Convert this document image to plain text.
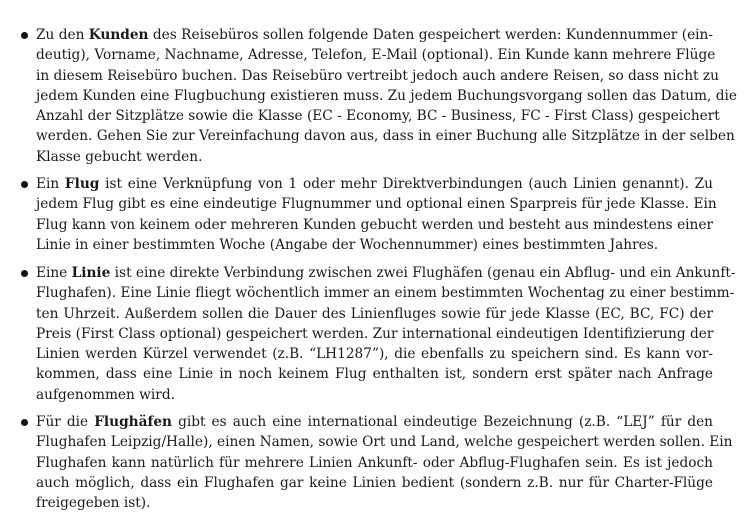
Zu den Kunden des Reisebüros sollen folgende Daten gespeichert werden: Kundennummer (ein-
deutig), Vorname, Nachname, Adresse, Telefon, E-Mail (optional). Ein Kunde kann mehrere Flüge
in diesem Reisebüro buchen. Das Reisebüro vertreibt jedoch auch andere Reisen, so dass nicht zu
jedem Kunden eine Flugbuchung existieren muss. Zu jedem Buchungsvorgang sollen das Datum, die
Anzahl der Sitzplätze sowie die Klasse (EC - Economy, BC - Business, FC - First Class) gespeichert
werden. Gehen Sie zur Vereinfachung davon aus, dass in einer Buchung alle Sitzplätze in der selben
Klasse gebucht werden.
Ein Flug ist eine Verknüpfung von 1 oder mehr Direktverbindungen (auch Linien genannt). Zu
jedem Flug gibt es eine eindeutige Flugnummer und optional einen Sparpreis für jede Klasse. Ein
Flug kann von keinem oder mehreren Kunden gebucht werden und besteht aus mindestens einer
Linie in einer bestimmten Woche (Angabe der Wochennummer) eines bestimmten Jahres.
Eine Linie ist eine direkte Verbindung zwischen zwei Flughäfen (genau ein Abflug- und ein Ankunft-
Flughafen). Eine Linie fliegt wöchentlich immer an einem bestimmten Wochentag zu einer bestimm-
ten Uhrzeit. Außerdem sollen die Dauer des Linienfluges sowie für jede Klasse (EC, BC, FC) der
Preis (First Class optional) gespeichert werden. Zur international eindeutigen Identifizierung der
Linien werden Kürzel verwendet (z.B. “LH1287”), die ebenfalls zu speichern sind. Es kann vor-
kommen, dass eine Linie in noch keinem Flug enthalten ist, sondern erst später nach Anfrage
aufgenommen wird.
Für die Flughäfen gibt es auch eine international eindeutige Bezeichnung (z.B. “LEJ” für den
Flughafen Leipzig/Halle), einen Namen, sowie Ort und Land, welche gespeichert werden sollen. Ein
Flughafen kann natürlich für mehrere Linien Ankunft- oder Abflug-Flughafen sein. Es ist jedoch
auch möglich, dass ein Flughafen gar keine Linien bedient (sondern z.B. nur für Charter-Flüge
freigegeben ist).
